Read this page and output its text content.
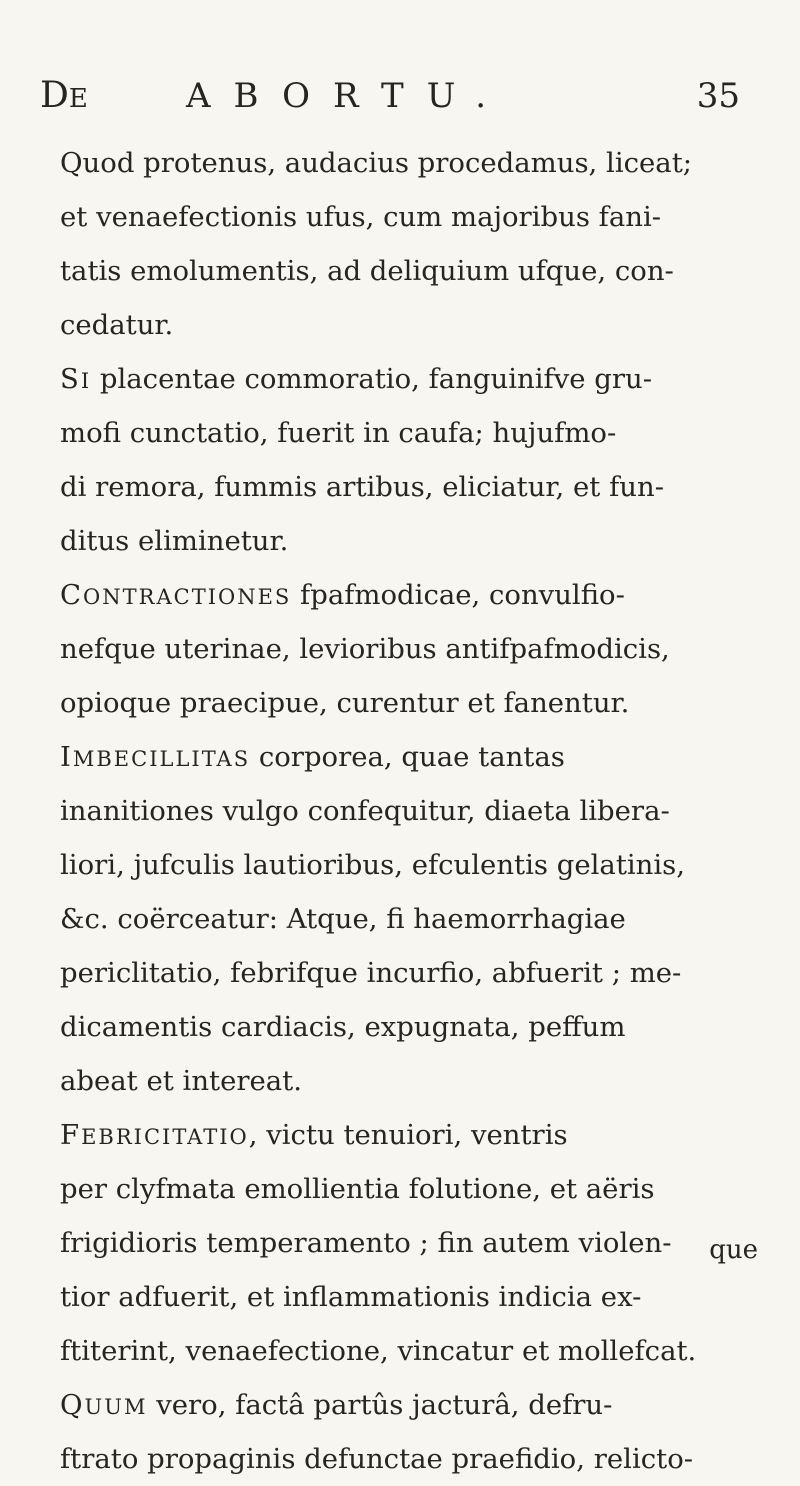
DE	ABORTU.	35
Quod protenus, audacius procedamus, liceat;
et venaefectionis ufus, cum majoribus fani-
tatis emolumentis, ad deliquium ufque, con-
cedatur.
SI placentae commoratio, fanguinifve gru-
mofi cunctatio, fuerit in caufa; hujufmo-
di remora, fummis artibus, eliciatur, et fun-
ditus eliminetur.
CONTRACTIONES fpafmodicae, convulfio-
nefque uterinae, levioribus antifpafmodicis,
opioque praecipue, curentur et fanentur.
IMBECILLITAS corporea, quae tantas
inanitiones vulgo confequitur, diaeta libera-
liori, jufculis lautioribus, efculentis gelatinis,
&c. coërceatur: Atque, fi haemorrhagiae
periclitatio, febrifque incurfio, abfuerit ; me-
dicamentis cardiacis, expugnata, peffum
abeat et intereat.
FEBRICITATIO, victu tenuiori, ventris
per clyfmata emollientia folutione, et aëris
frigidioris temperamento ; fin autem violen-
tior adfuerit, et inflammationis indicia ex-
ftiterint, venaefectione, vincatur et mollefcat.
QUUM vero, factâ partûs jacturâ, defru-
ftrato propaginis defunctae praefidio, relicto-
que
